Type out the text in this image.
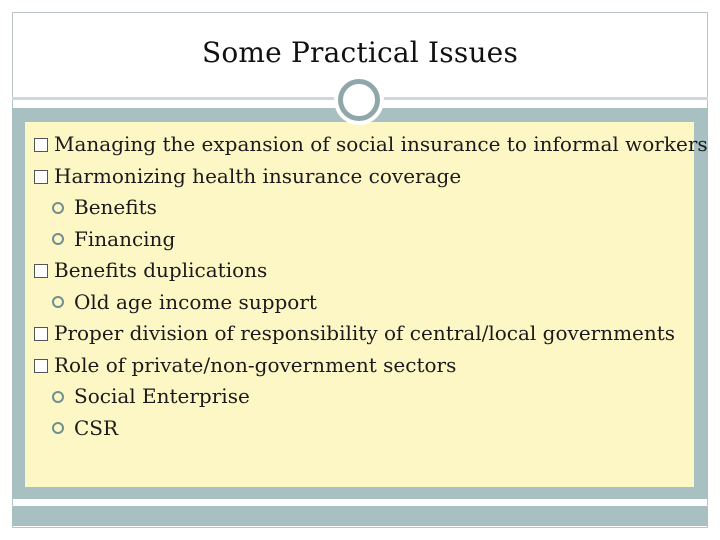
Some Practical Issues
Managing the expansion of social insurance to informal workers
Harmonizing health insurance coverage
Benefits
Financing
Benefits duplications
Old age income support
Proper division of responsibility of central/local governments
Role of private/non-government sectors
Social Enterprise
CSR
